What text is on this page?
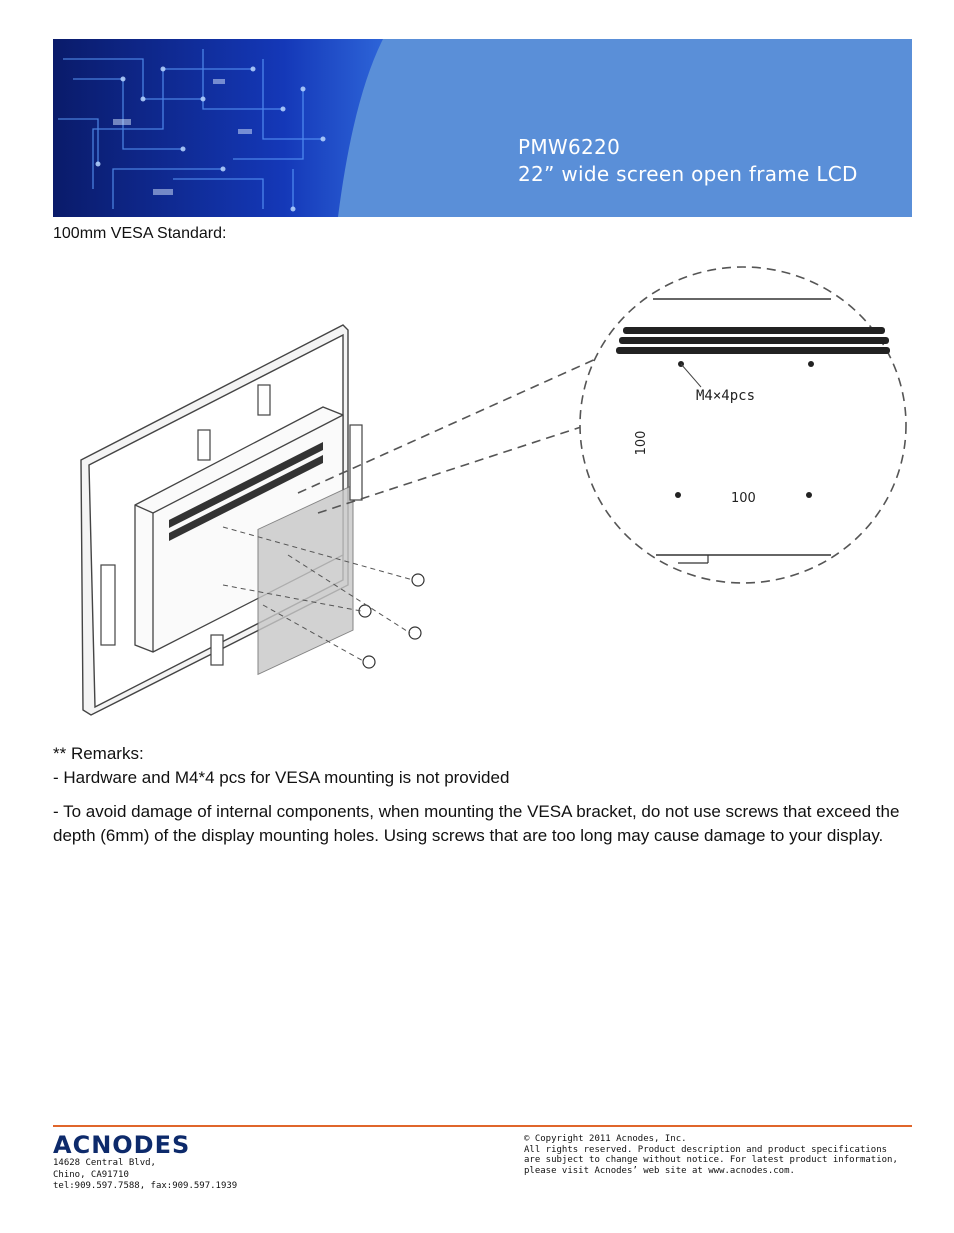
PMW6220
22” wide screen open frame LCD
100mm VESA Standard:
M4×4pcs
100
100

** Remarks:

- Hardware and M4*4 pcs for VESA mounting is not provided

- To avoid damage of internal components, when mounting the VESA bracket, do not use screws that exceed the depth (6mm) of the display mounting holes. Using screws that are too long may cause damage to your display.

ACNODES
14628 Central Blvd,
Chino, CA91710
tel:909.597.7588, fax:909.597.1939
© Copyright 2011 Acnodes, Inc.
All rights reserved. Product description and product specifications
are subject to change without notice. For latest product information,
please visit Acnodes’ web site at www.acnodes.com.
